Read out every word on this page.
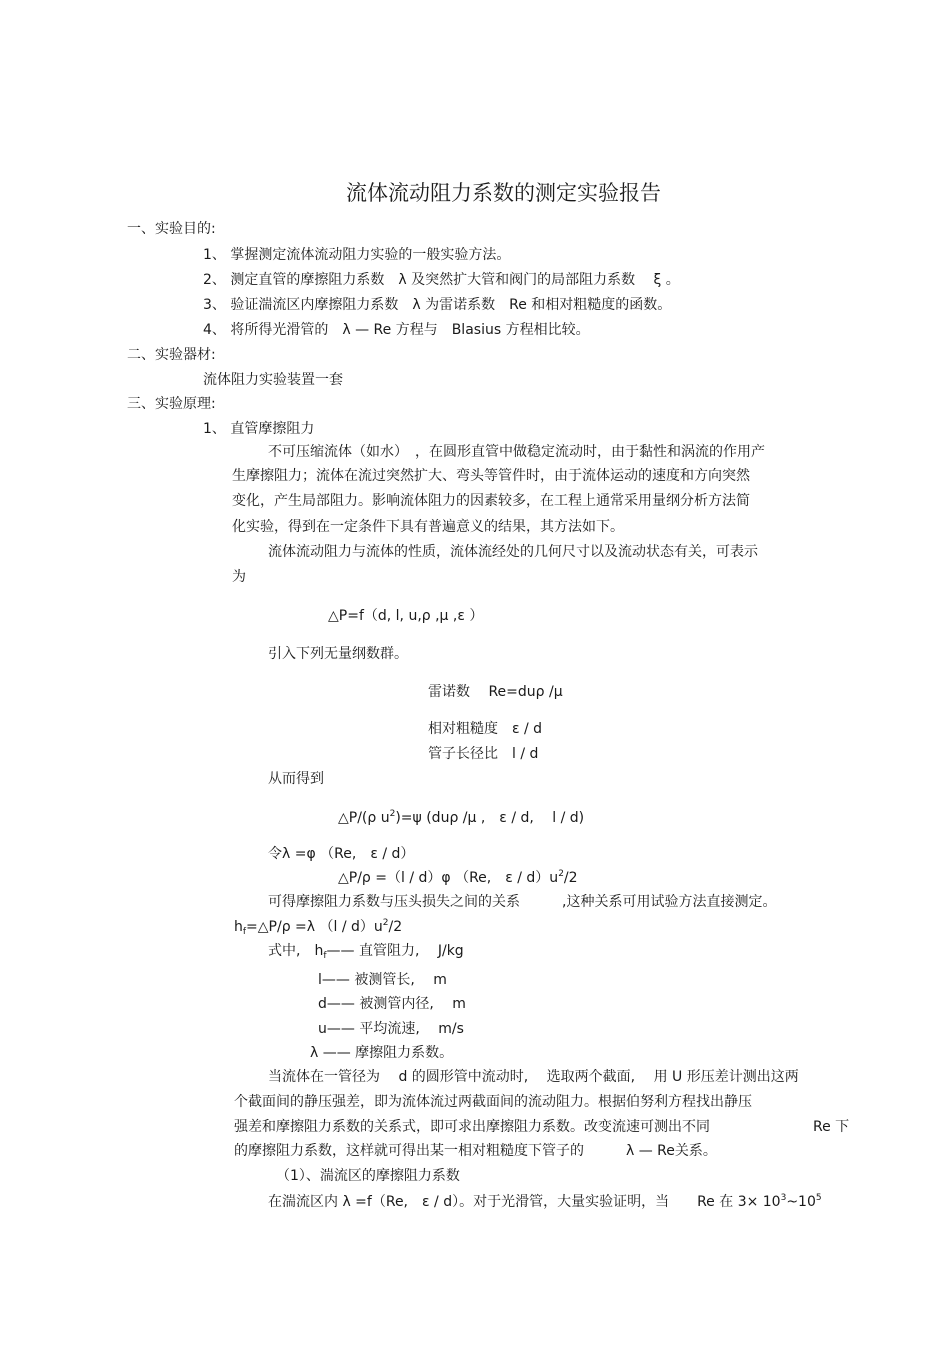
流体流动阻力系数的测定实验报告
一、实验目的:
1、 掌握测定流体流动阻力实验的一般实验方法。
2、 测定直管的摩擦阻力系数　λ 及突然扩大管和阀门的局部阻力系数　 ξ 。
3、 验证湍流区内摩擦阻力系数　λ 为雷诺系数　Re 和相对粗糙度的函数。
4、 将所得光滑管的　λ — Re 方程与　Blasius 方程相比较。
二、实验器材:
流体阻力实验装置一套
三、实验原理:
1、 直管摩擦阻力
不可压缩流体（如水）　，在圆形直管中做稳定流动时，由于黏性和涡流的作用产
生摩擦阻力；流体在流过突然扩大、弯头等管件时，由于流体运动的速度和方向突然
变化，产生局部阻力。影响流体阻力的因素较多，在工程上通常采用量纲分析方法简
化实验，得到在一定条件下具有普遍意义的结果，其方法如下。
流体流动阻力与流体的性质，流体流经处的几何尺寸以及流动状态有关，可表示
为
△P=f（d, l, u,ρ ,μ ,ε ）
引入下列无量纲数群。
雷诺数　 Re=duρ /μ
相对粗糙度　ε / d
管子长径比　l / d
从而得到
△P/(ρ $u^2)=\psi$ (duρ /μ ,　ε / d,　 l / d)
令λ =φ （Re,　ε / d）
△P/ρ =（l / d）φ （Re,　ε / $d)u^2/2$
可得摩擦阻力系数与压头损失之间的关系　　　,这种关系可用试验方法直接测定。
$h_f=\triangle P/\rho =\lambda$ $(l / d)u^2/2$
式中,　$h_f——$ 直管阻力,　 J/kg
l—— 被测管长,　 m
d—— 被测管内径,　 m
u—— 平均流速,　 m/s
λ —— 摩擦阻力系数。
当流体在一管径为　 d 的圆形管中流动时,　 选取两个截面,　 用 U 形压差计测出这两
个截面间的静压强差，即为流体流过两截面间的流动阻力。根据伯努利方程找出静压
强差和摩擦阻力系数的关系式，即可求出摩擦阻力系数。改变流速可测出不同	Re 下
的摩擦阻力系数，这样就可得出某一相对粗糙度下管子的　　　λ — Re关系。
（1）、湍流区的摩擦阻力系数
在湍流区内 λ =f（Re,　ε / d）。对于光滑管，大量实验证明，当　　Re 在 $3\times 10^3\sim 10^5$
